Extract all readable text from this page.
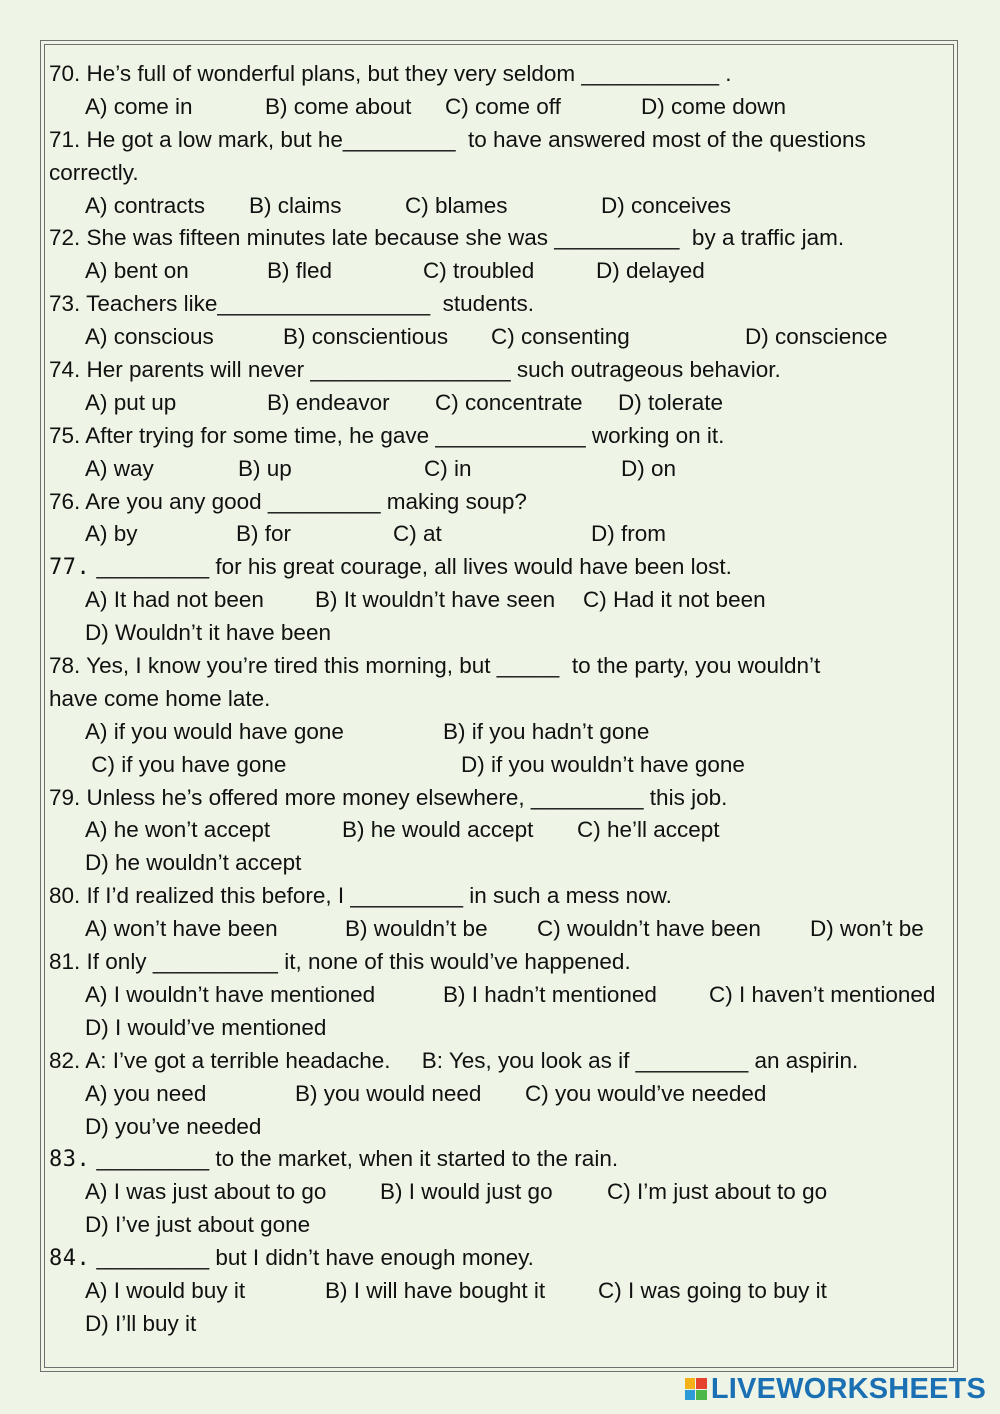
70. He’s full of wonderful plans, but they very seldom ___________ .
A) come in	B) come about C) come off	D) come down
71. He got a low mark, but he_________  to have answered most of the questions
correctly.
A) contracts B) claims	C) blames	D) conceives
72. She was fifteen minutes late because she was __________  by a traffic jam.
A) bent on	B) fled	C) troubled	D) delayed
73. Teachers like_________________  students.
A) conscious	B) conscientious C) consenting	D) conscience
74. Her parents will never ________________ such outrageous behavior.
A) put up	B) endeavor C) concentrate D) tolerate
75. After trying for some time, he gave ____________ working on it.
A) way	B) up	C) in	D) on
76. Are you any good _________ making soup?
A) by	B) for	C) at	D) from
77. _________ for his great courage, all lives would have been lost.
A) It had not been B) It wouldn’t have seen C) Had it not been
D) Wouldn’t it have been
78. Yes, I know you’re tired this morning, but _____  to the party, you wouldn’t
have come home late.
A) if you would have gone	B) if you hadn’t gone
C) if you have gone	D) if you wouldn’t have gone
79. Unless he’s offered more money elsewhere, _________ this job.
A) he won’t accept	B) he would accept C) he’ll accept
D) he wouldn’t accept
80. If I’d realized this before, I _________ in such a mess now.
A) won’t have been	B) wouldn’t be C) wouldn’t have been D) won’t be
81. If only __________ it, none of this would’ve happened.
A) I wouldn’t have mentioned	B) I hadn’t mentioned C) I haven’t mentioned
D) I would’ve mentioned
82. A: I’ve got a terrible headache.     B: Yes, you look as if _________ an aspirin.
A) you need	B) you would need C) you would’ve needed
D) you’ve needed
83. _________ to the market, when it started to the rain.
A) I was just about to go B) I would just go C) I’m just about to go
D) I’ve just about gone
84. _________ but I didn’t have enough money.
A) I would buy it	B) I will have bought it C) I was going to buy it
D) I’ll buy it
LIVEWORKSHEETS
